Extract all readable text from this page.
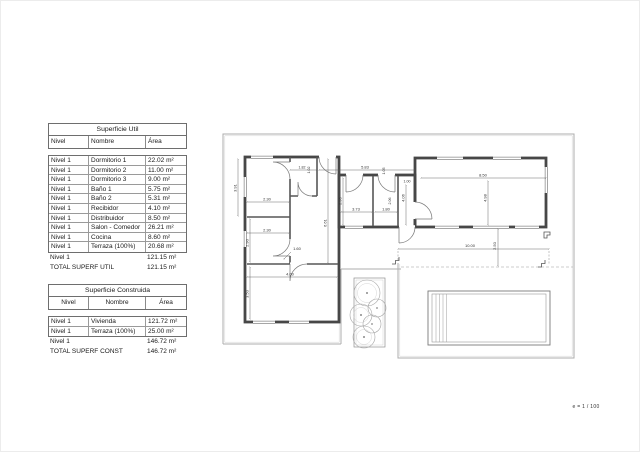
Superficie Util
Nivel	Nombre	Área
Nivel 1	Dormitorio 1	22.02 m²
Nivel 1	Dormitorio 2	11.00 m²
Nivel 1	Dormitorio 3	9.00 m²
Nivel 1	Baño 1	5.75 m²
Nivel 1	Baño 2	5.31 m²
Nivel 1	Recibidor	4.10 m²
Nivel 1	Distribuidor	8.50 m²
Nivel 1	Salon - Comedor	26.21 m²
Nivel 1	Cocina	8.60 m²
Nivel 1	Terraza (100%)	20.68 m²
Nivel 1	121.15 m²
TOTAL SUPERF UTIL	121.15 m²
Superficie Construida
Nivel	Nombre	Área
Nivel 1	Vivienda	121.72 m²
Nivel 1	Terraza (100%)	25.00 m²
Nivel 1	146.72 m²
TOTAL SUPERF CONST	146.72 m²
1.82 1.02	5.83
1.05
8.50
1.00
4.06	4.98
3.91
2.30	2.95
3.73	1.80
2.06
6.61
2.30
2.90
1.60
4.00
3.50
10.00	2.50
e = 1 / 100
